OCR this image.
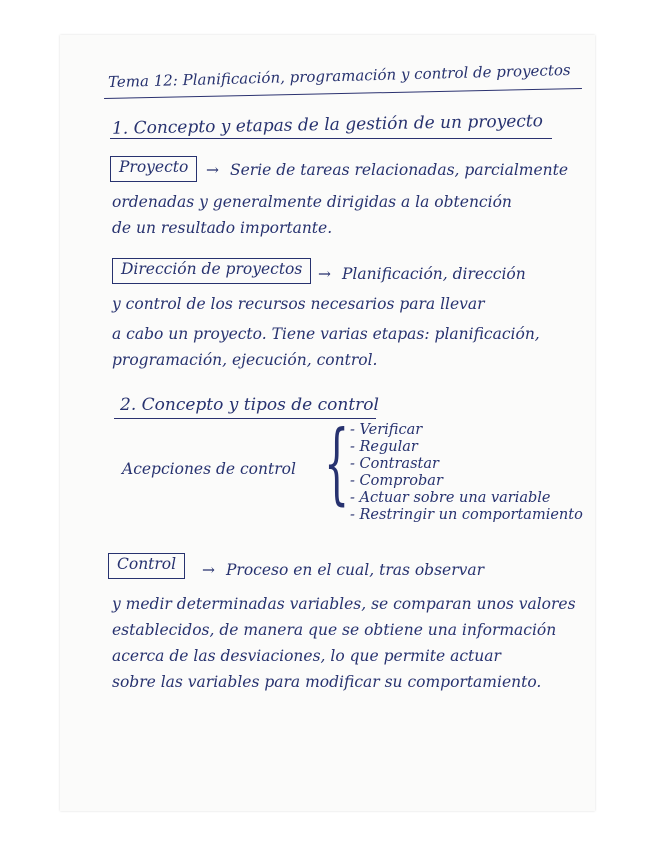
Tema 12: Planificación, programación y control de proyectos
1. Concepto y etapas de la gestión de un proyecto
Proyecto	→ Serie de tareas relacionadas, parcialmente
ordenadas y generalmente dirigidas a la obtención
de un resultado importante.
Dirección de proyectos	→ Planificación, dirección
y control de los recursos necesarios para llevar
a cabo un proyecto. Tiene varias etapas: planificación,
programación, ejecución, control.
2. Concepto y tipos de control
Acepciones de control { - Verificar
- Regular
- Contrastar
- Comprobar
- Actuar sobre una variable
- Restringir un comportamiento
Control	→ Proceso en el cual, tras observar
y medir determinadas variables, se comparan unos valores
establecidos, de manera que se obtiene una información
acerca de las desviaciones, lo que permite actuar
sobre las variables para modificar su comportamiento.
